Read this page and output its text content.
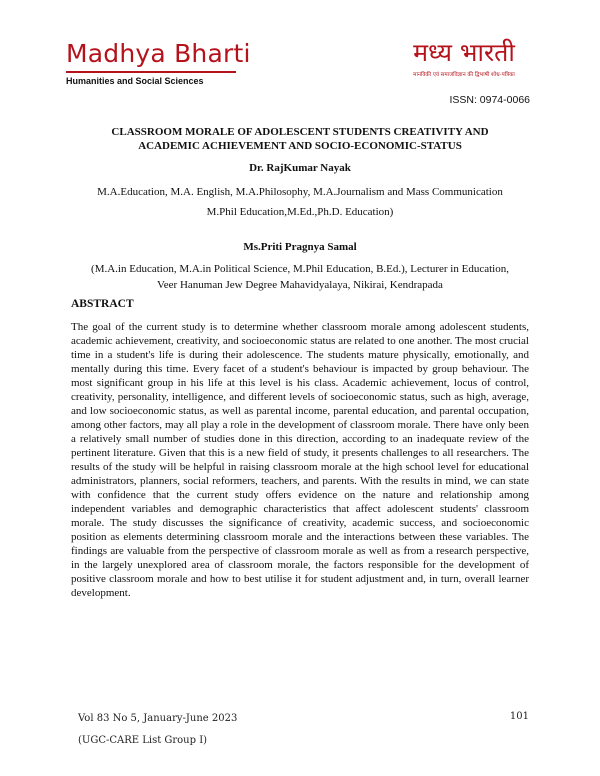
Madhya Bharti
Humanities and Social Sciences
मध्य भारती
मानविकी एवं समाजविज्ञान की द्विभाषी शोध-पत्रिका
ISSN: 0974-0066
CLASSROOM MORALE OF ADOLESCENT STUDENTS CREATIVITY AND
ACADEMIC ACHIEVEMENT AND SOCIO-ECONOMIC-STATUS
Dr. RajKumar Nayak
M.A.Education, M.A. English, M.A.Philosophy, M.A.Journalism and Mass Communication
M.Phil Education,M.Ed.,Ph.D. Education)
Ms.Priti Pragnya Samal
(M.A.in Education, M.A.in Political Science, M.Phil Education, B.Ed.), Lecturer in Education,
Veer Hanuman Jew Degree Mahavidyalaya, Nikirai, Kendrapada
ABSTRACT
The goal of the current study is to determine whether classroom morale among adolescent students, academic achievement, creativity, and socioeconomic status are related to one another. The most crucial time in a student's life is during their adolescence. The students mature physically, emotionally, and mentally during this time. Every facet of a student's behaviour is impacted by group behaviour. The most significant group in his life at this level is his class. Academic achievement, locus of control, creativity, personality, intelligence, and different levels of socioeconomic status, such as high, average, and low socioeconomic status, as well as parental income, parental education, and parental occupation, among other factors, may all play a role in the development of classroom morale. There have only been a relatively small number of studies done in this direction, according to an inadequate review of the pertinent literature. Given that this is a new field of study, it presents challenges to all researchers. The results of the study will be helpful in raising classroom morale at the high school level for educational administrators, planners, social reformers, teachers, and parents. With the results in mind, we can state with confidence that the current study offers evidence on the nature and relationship among independent variables and demographic characteristics that affect adolescent students' classroom morale. The study discusses the significance of creativity, academic success, and socioeconomic position as elements determining classroom morale and the interactions between these variables. The findings are valuable from the perspective of classroom morale as well as from a research perspective, in the largely unexplored area of classroom morale, the factors responsible for the development of positive classroom morale and how to best utilise it for student adjustment and, in turn, overall learner development.
Vol 83 No 5, January-June 2023
(UGC-CARE List Group I)
101
